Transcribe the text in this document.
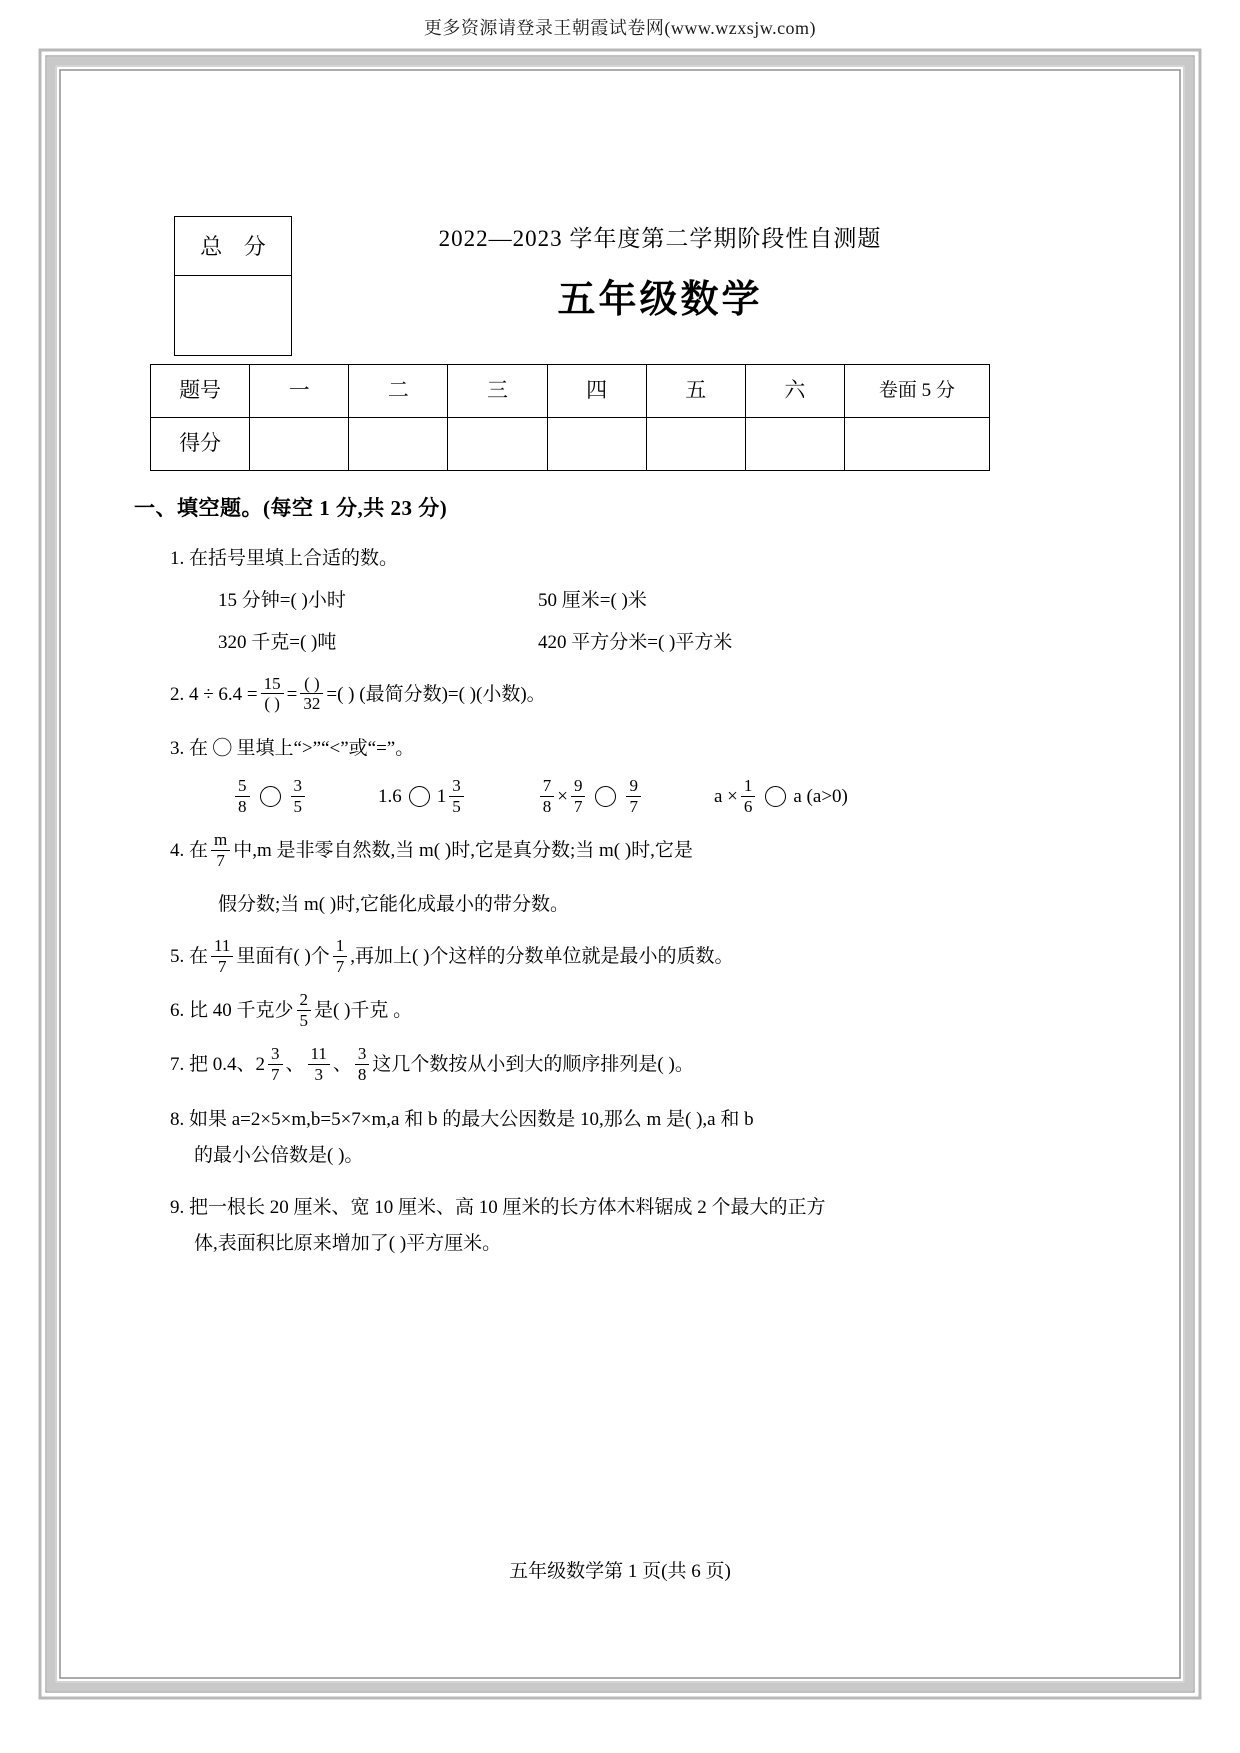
更多资源请登录王朝霞试卷网(www.wzxsjw.com)
总 分	2022—2023 学年度第二学期阶段性自测题
五年级数学
题号	一	二	三	四	五	六	卷面 5 分
得分							
一、填空题。(每空 1 分,共 23 分)
1. 在括号里填上合适的数。
15 分钟=( )小时	50 厘米=( )米
320 千克=( )吨	420 平方分米=( )平方米
2. $4 \div 6.4 = \frac{15}{( )} = \frac{( )}{32}$ =( ) (最简分数)=( )(小数)。
3. 在 ◯ 里填上“>”“<”或“=”。
$\frac{5}{8} \frac{3}{5}$	1.6 $1 \frac{3}{5}$	$\frac{7}{8} \times \frac{9}{7} \frac{9}{7}$	$a \times \frac{1}{6}$ a (a>0)
4. 在 $\frac{m}{7}$ 中,m 是非零自然数,当 m( )时,它是真分数;当 m( )时,它是
假分数;当 m( )时,它能化成最小的带分数。
5. 在 $\frac{11}{7}$ 里面有( )个 $\frac{1}{7}$ ,再加上( )个这样的分数单位就是最小的质数。
6. 比 40 千克少 $\frac{2}{5}$ 是( )千克 。
7. 把 0.4、$2 \frac{3}{7}$ 、 $\frac{11}{3}$ 、 $\frac{3}{8}$ 这几个数按从小到大的顺序排列是( )。
8. 如果 a=2×5×m,b=5×7×m,a 和 b 的最大公因数是 10,那么 m 是( ),a 和 b
的最小公倍数是( )。
9. 把一根长 20 厘米、宽 10 厘米、高 10 厘米的长方体木料锯成 2 个最大的正方
体,表面积比原来增加了( )平方厘米。
五年级数学第 1 页(共 6 页)
